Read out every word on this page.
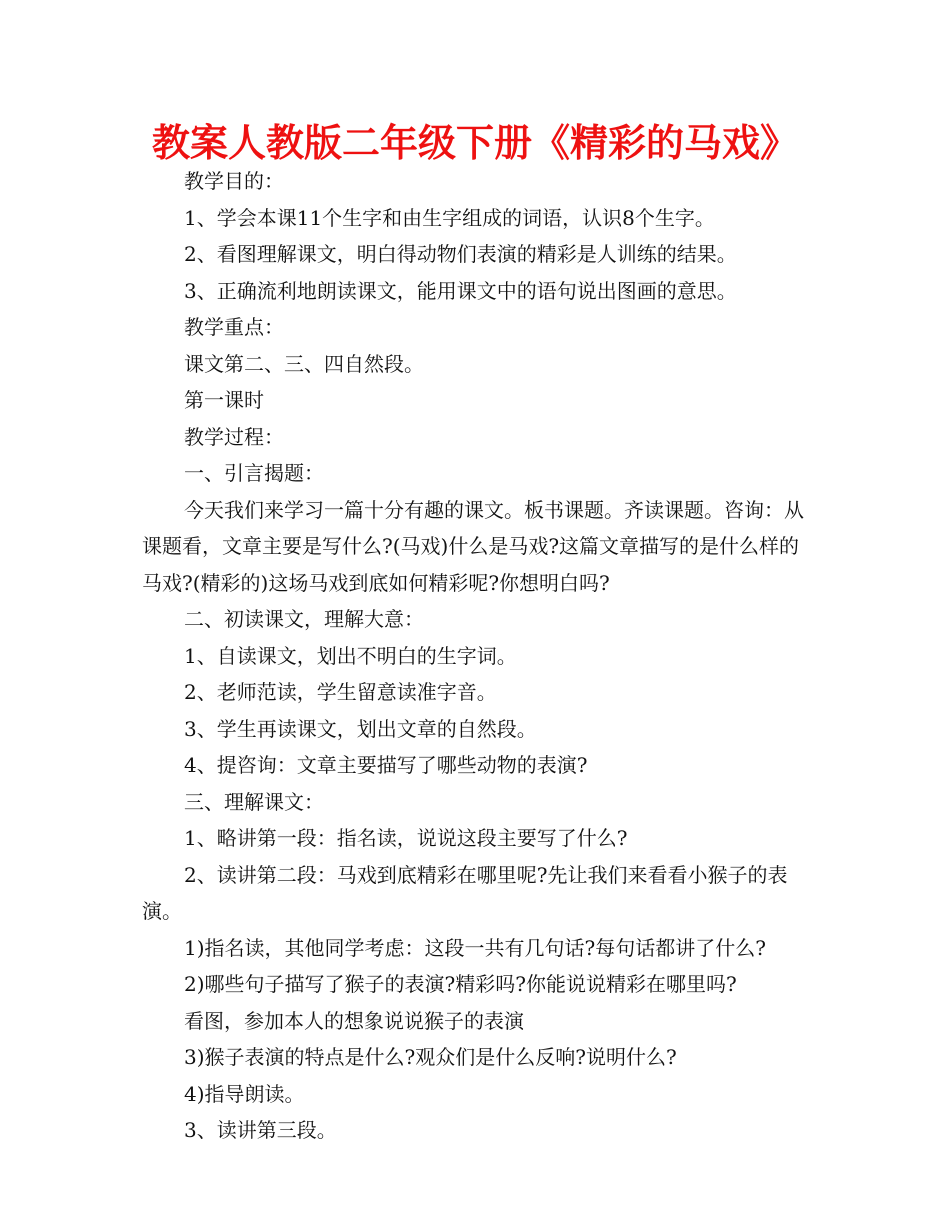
教案人教版二年级下册《精彩的马戏》

教学目的：

1、学会本课11个生字和由生字组成的词语，认识8个生字。

2、看图理解课文，明白得动物们表演的精彩是人训练的结果。

3、正确流利地朗读课文，能用课文中的语句说出图画的意思。

教学重点：

课文第二、三、四自然段。

第一课时

教学过程：

一、引言揭题：

今天我们来学习一篇十分有趣的课文。板书课题。齐读课题。咨询：从课题看，文章主要是写什么?(马戏)什么是马戏?这篇文章描写的是什么样的马戏?(精彩的)这场马戏到底如何精彩呢?你想明白吗?

二、初读课文，理解大意：

1、自读课文，划出不明白的生字词。

2、老师范读，学生留意读准字音。

3、学生再读课文，划出文章的自然段。

4、提咨询：文章主要描写了哪些动物的表演?

三、理解课文：

1、略讲第一段：指名读，说说这段主要写了什么?

2、读讲第二段：马戏到底精彩在哪里呢?先让我们来看看小猴子的表演。

1)指名读，其他同学考虑：这段一共有几句话?每句话都讲了什么?

2)哪些句子描写了猴子的表演?精彩吗?你能说说精彩在哪里吗?

看图，参加本人的想象说说猴子的表演

3)猴子表演的特点是什么?观众们是什么反响?说明什么?

4)指导朗读。

3、读讲第三段。
